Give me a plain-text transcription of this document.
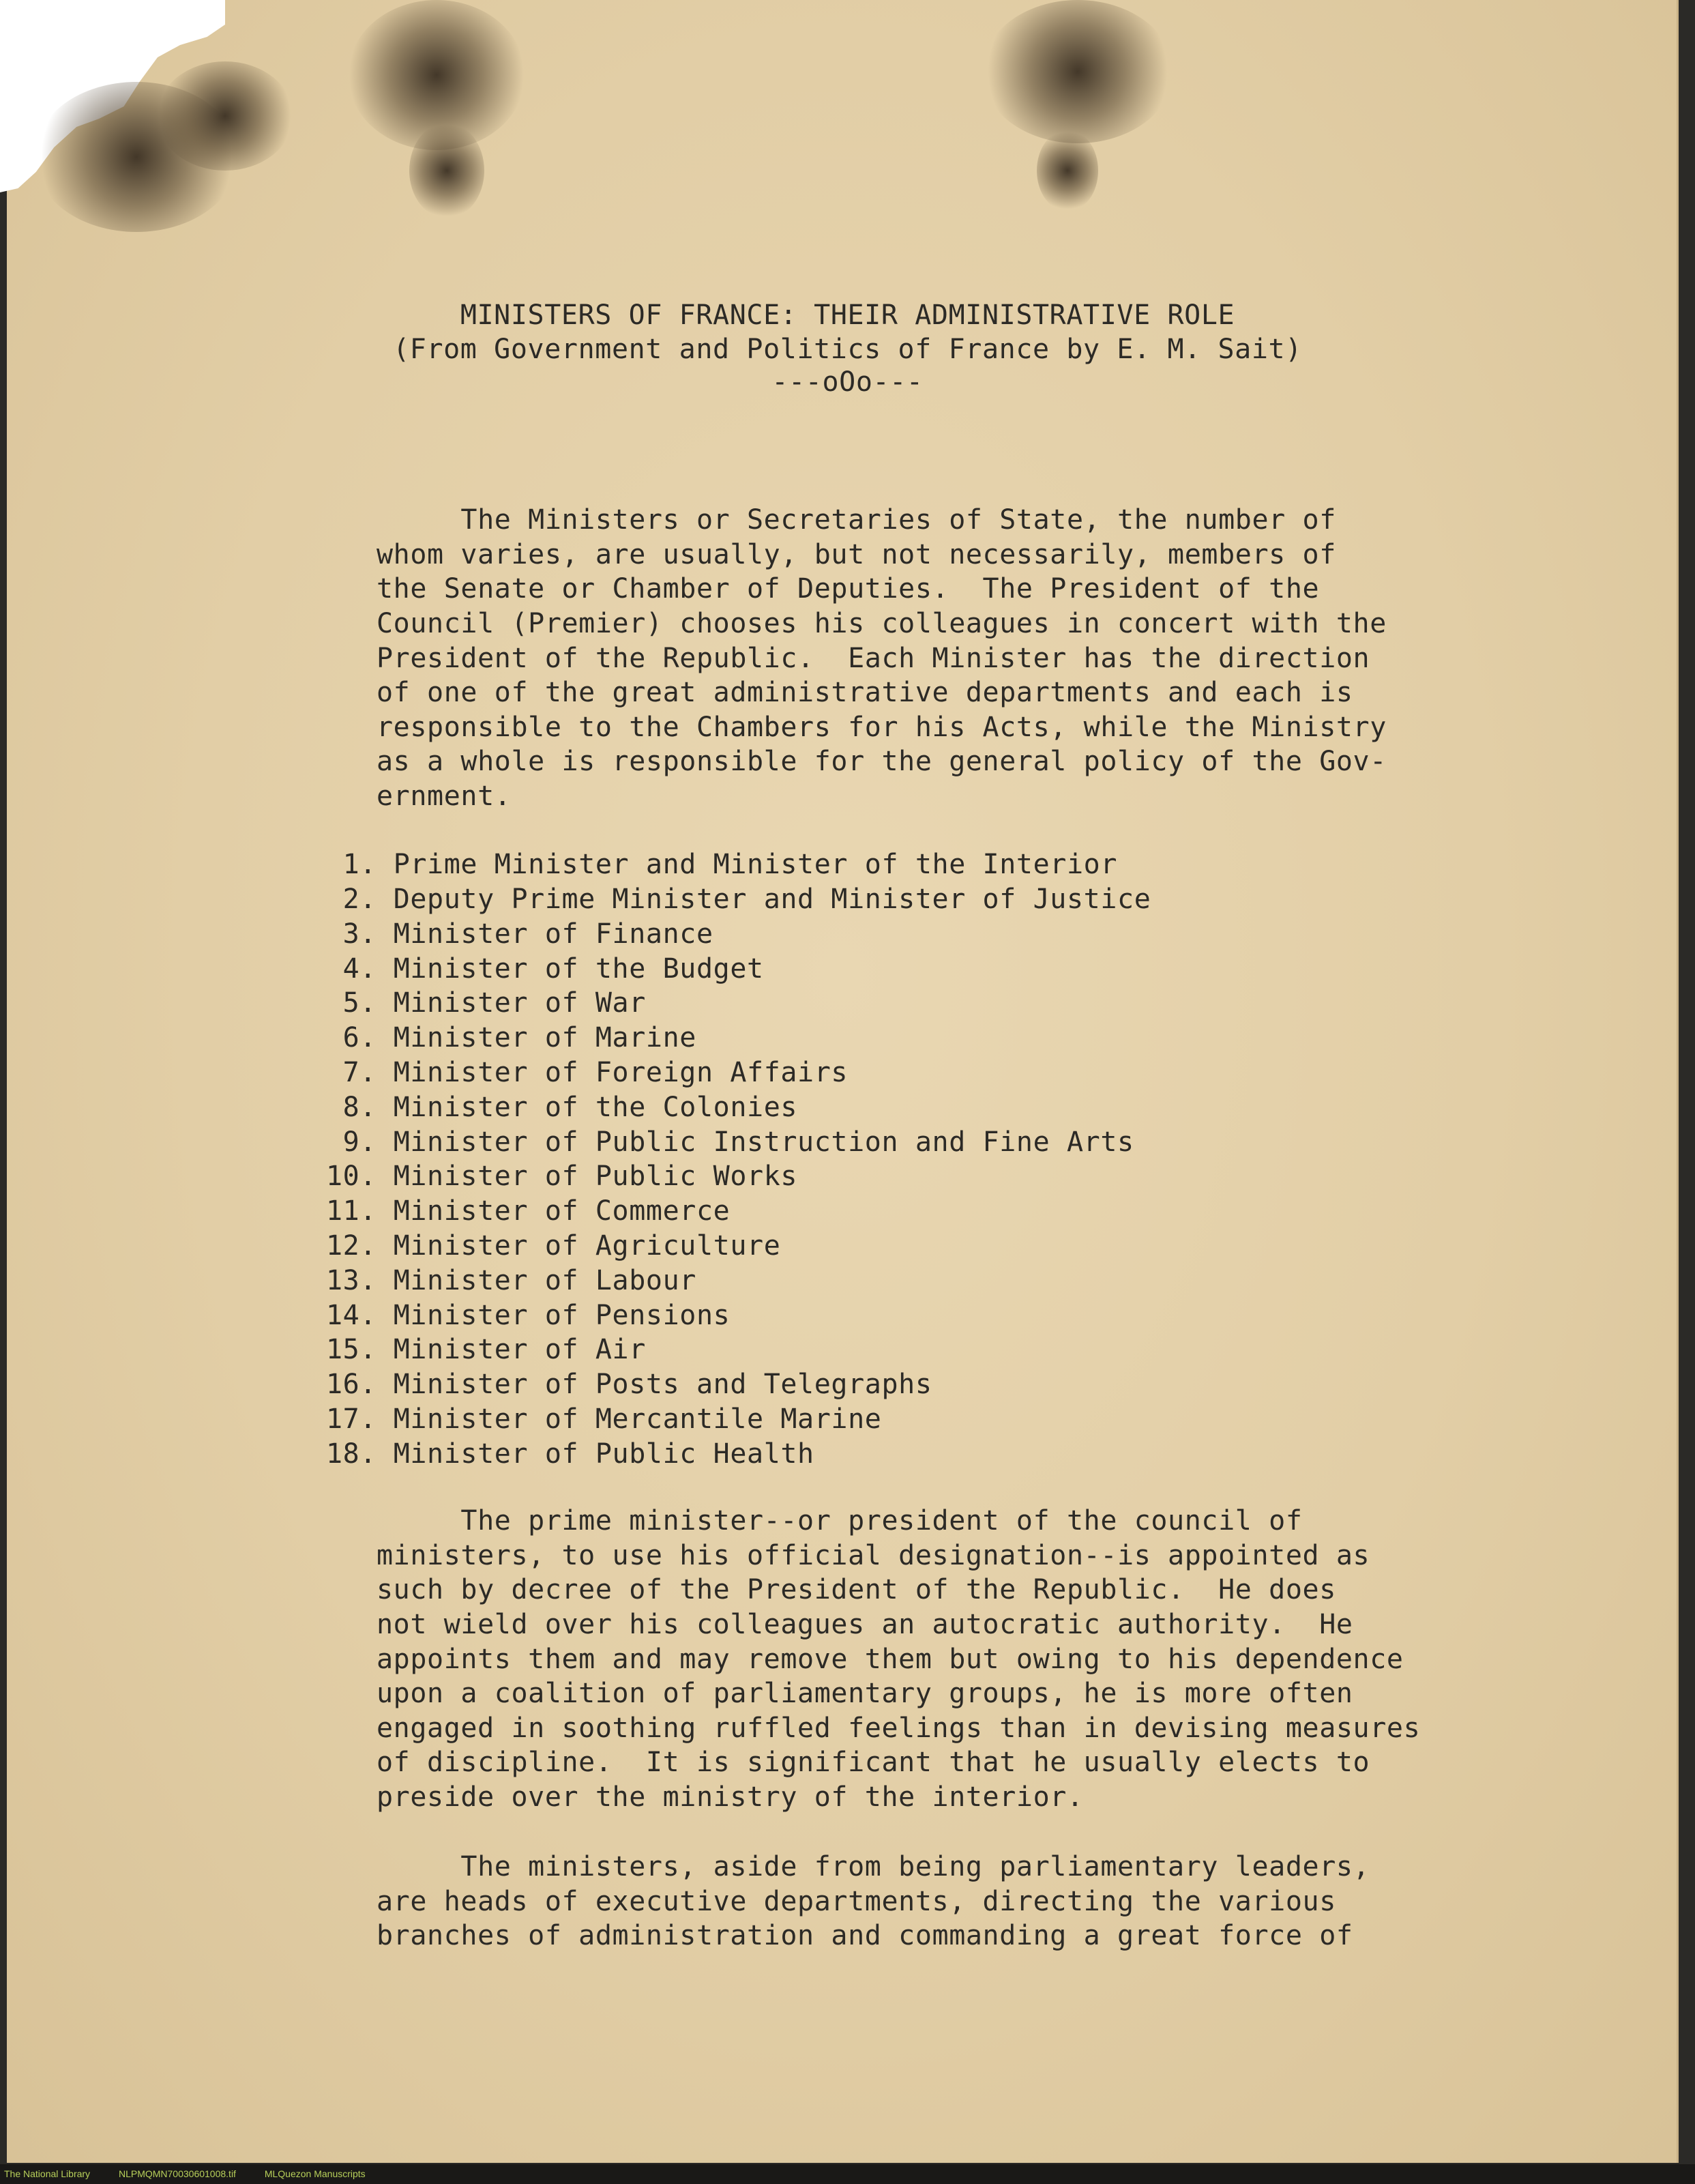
MINISTERS OF FRANCE: THEIR ADMINISTRATIVE ROLE
(From Government and Politics of France by E. M. Sait)
---oOo---

The Ministers or Secretaries of State, the number of
whom varies, are usually, but not necessarily, members of
the Senate or Chamber of Deputies.  The President of the
Council (Premier) chooses his colleagues in concert with the
President of the Republic.  Each Minister has the direction
of one of the great administrative departments and each is
responsible to the Chambers for his Acts, while the Ministry
as a whole is responsible for the general policy of the Gov-
ernment.

1. Prime Minister and Minister of the Interior
2. Deputy Prime Minister and Minister of Justice
3. Minister of Finance
4. Minister of the Budget
5. Minister of War
6. Minister of Marine
7. Minister of Foreign Affairs
8. Minister of the Colonies
9. Minister of Public Instruction and Fine Arts
10. Minister of Public Works
11. Minister of Commerce
12. Minister of Agriculture
13. Minister of Labour
14. Minister of Pensions
15. Minister of Air
16. Minister of Posts and Telegraphs
17. Minister of Mercantile Marine
18. Minister of Public Health

The prime minister--or president of the council of
ministers, to use his official designation--is appointed as
such by decree of the President of the Republic.  He does
not wield over his colleagues an autocratic authority.  He
appoints them and may remove them but owing to his dependence
upon a coalition of parliamentary groups, he is more often
engaged in soothing ruffled feelings than in devising measures
of discipline.  It is significant that he usually elects to
preside over the ministry of the interior.

The ministers, aside from being parliamentary leaders,
are heads of executive departments, directing the various
branches of administration and commanding a great force of

The National Library	NLPMQMN70030601008.tif	MLQuezon Manuscripts
